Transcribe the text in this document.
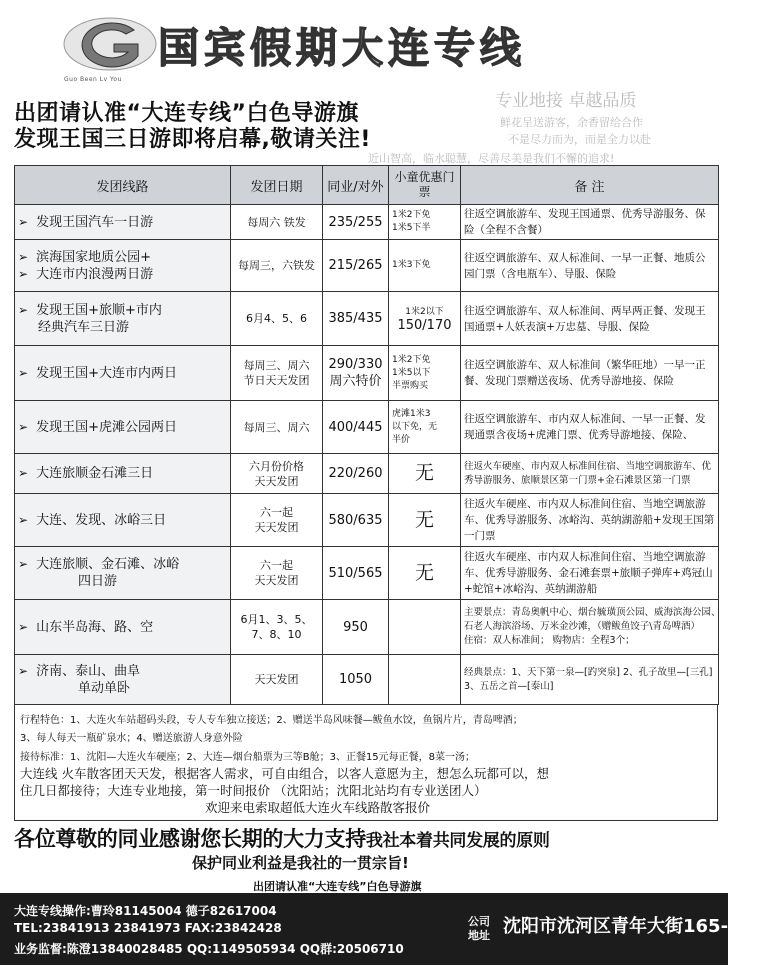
Guo Been Lv You
国宾假期大连专线
出团请认准“大连专线”白色导游旗
发现王国三日游即将启幕,敬请关注!
专业地接 卓越品质
鲜花呈送游客，余香留给合作
不是尽力而为，而是全力以赴
近山智高，临水聪慧，尽善尽美是我们不懈的追求!
发团线路	发团日期	同业/对外	小童优惠门票	备 注

➢ 发现王国汽车一日游	每周六 铁发	235/255	1米2下免
1米5下半	往返空调旅游车、发现王国通票、优秀导游服务、保险（全程不含餐）

➢ 滨海国家地质公园+
➢ 大连市内浪漫两日游	每周三，六铁发	215/265	1米3下免	往返空调旅游车、双人标准间、一早一正餐、地质公园门票（含电瓶车）、导服、保险

➢ 发现王国+旅顺+市内
经典汽车三日游	6月4、5、6	385/435	1米2以下
150/170	往返空调旅游车、双人标准间、两早两正餐、发现王国通票+人妖表演+万忠墓、导服、保险

➢ 发现王国+大连市内两日	每周三、周六
节日天天发团	290/330
周六特价	1米2下免
1米5以下
半票购买	往返空调旅游车、双人标准间（繁华旺地）一早一正餐、发现门票赠送夜场、优秀导游地接、保险

➢ 发现王国+虎滩公园两日	每周三、周六	400/445	虎滩1米3
以下免，无
半价	往返空调旅游车、市内双人标准间、一早一正餐、发现通票含夜场+虎滩门票、优秀导游地接、保险、

➢ 大连旅顺金石滩三日	六月份价格
天天发团	220/260	无	往返火车硬座、市内双人标准间住宿、当地空调旅游车、优秀导游服务、旅顺景区第一门票+金石滩景区第一门票

➢ 大连、发现、冰峪三日	六一起
天天发团	580/635	无	往返火车硬座、市内双人标准间住宿、当地空调旅游车、优秀导游服务、冰峪沟、英纳湖游船+发现王国第一门票

➢ 大连旅顺、金石滩、冰峪
四日游	六一起
天天发团	510/565	无	往返火车硬座、市内双人标准间住宿、当地空调旅游车、优秀导游服务、金石滩套票+旅顺子弹库+鸡冠山+蛇馆+冰峪沟、英纳湖游船

➢ 山东半岛海、路、空	6月1、3、5、
7、8、10	950		主要景点：青岛奥帆中心、烟台毓璜顶公园、威海滨海公园、
石老人海滨浴场、万米金沙滩，（赠鲅鱼饺子\青岛啤酒）
住宿：双人标准间； 购物店：全程3个；

➢ 济南、泰山、曲阜
单动单卧	天天发团	1050		经典景点：1、天下第一泉—[趵突泉] 2、孔子故里—[三孔]
3、五岳之首—[泰山]
行程特色：1、大连火车站超码头段，专人专车独立接送；2、赠送半岛风味餐—鲅鱼水饺，鱼锅片片，青岛啤酒；
3、每人每天一瓶矿泉水；4、赠送旅游人身意外险
接待标准：1、沈阳—大连火车硬座；2、大连—烟台船票为三等B舱；3、正餐15元每正餐，8菜一汤；
大连线 火车散客团天天发，根据客人需求，可自由组合，以客人意愿为主，想怎么玩都可以，想
住几日都接待；大连专业地接，第一时间报价 （沈阳站；沈阳北站均有专业送团人）
欢迎来电索取超低大连火车线路散客报价
各位尊敬的同业感谢您长期的大力支持我社本着共同发展的原则
保护同业利益是我社的一贯宗旨!
出团请认准“大连专线”白色导游旗
大连专线操作:曹玲81145004 德子82617004
TEL:23841913 23841973 FAX:23842428
业务监督:陈澄13840028485 QQ:1149505934 QQ群:20506710
公司地址 沈阳市沈河区青年大街165-9号
